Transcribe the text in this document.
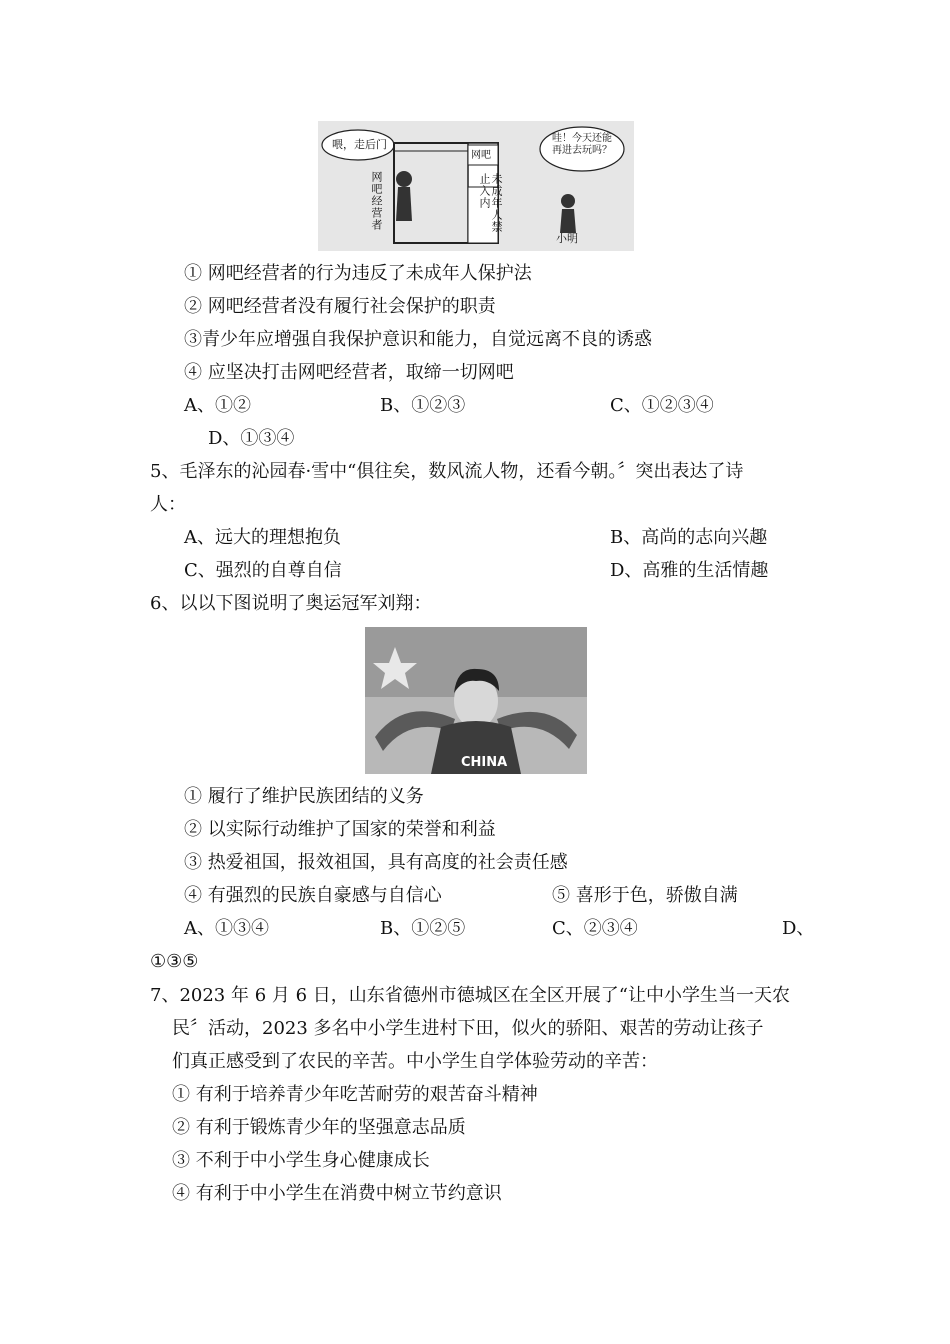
喂，走后门
网吧
未成年人禁止入内
网吧经营者
哇！今天还能再进去玩吗？
小明
① 网吧经营者的行为违反了未成年人保护法
② 网吧经营者没有履行社会保护的职责
③青少年应增强自我保护意识和能力，自觉远离不良的诱惑
④ 应坚决打击网吧经营者，取缔一切网吧
A、①②	B、①②③	C、①②③④
D、①③④
5、毛泽东的沁园春·雪中“俱往矣，数风流人物，还看今朝。〞突出表达了诗
人：
A、远大的理想抱负	B、高尚的志向兴趣
C、强烈的自尊自信	D、高雅的生活情趣
6、以以下图说明了奥运冠军刘翔：
CHINA
① 履行了维护民族团结的义务
② 以实际行动维护了国家的荣誉和利益
③ 热爱祖国，报效祖国，具有高度的社会责任感
④ 有强烈的民族自豪感与自信心	⑤ 喜形于色，骄傲自满
A、①③④	B、①②⑤	C、②③④	D、
①③⑤
7、2023 年 6 月 6 日，山东省德州市德城区在全区开展了“让中小学生当一天农
民〞活动，2023 多名中小学生进村下田，似火的骄阳、艰苦的劳动让孩子
们真正感受到了农民的辛苦。中小学生自学体验劳动的辛苦：
① 有利于培养青少年吃苦耐劳的艰苦奋斗精神
② 有利于锻炼青少年的坚强意志品质
③ 不利于中小学生身心健康成长
④ 有利于中小学生在消费中树立节约意识
